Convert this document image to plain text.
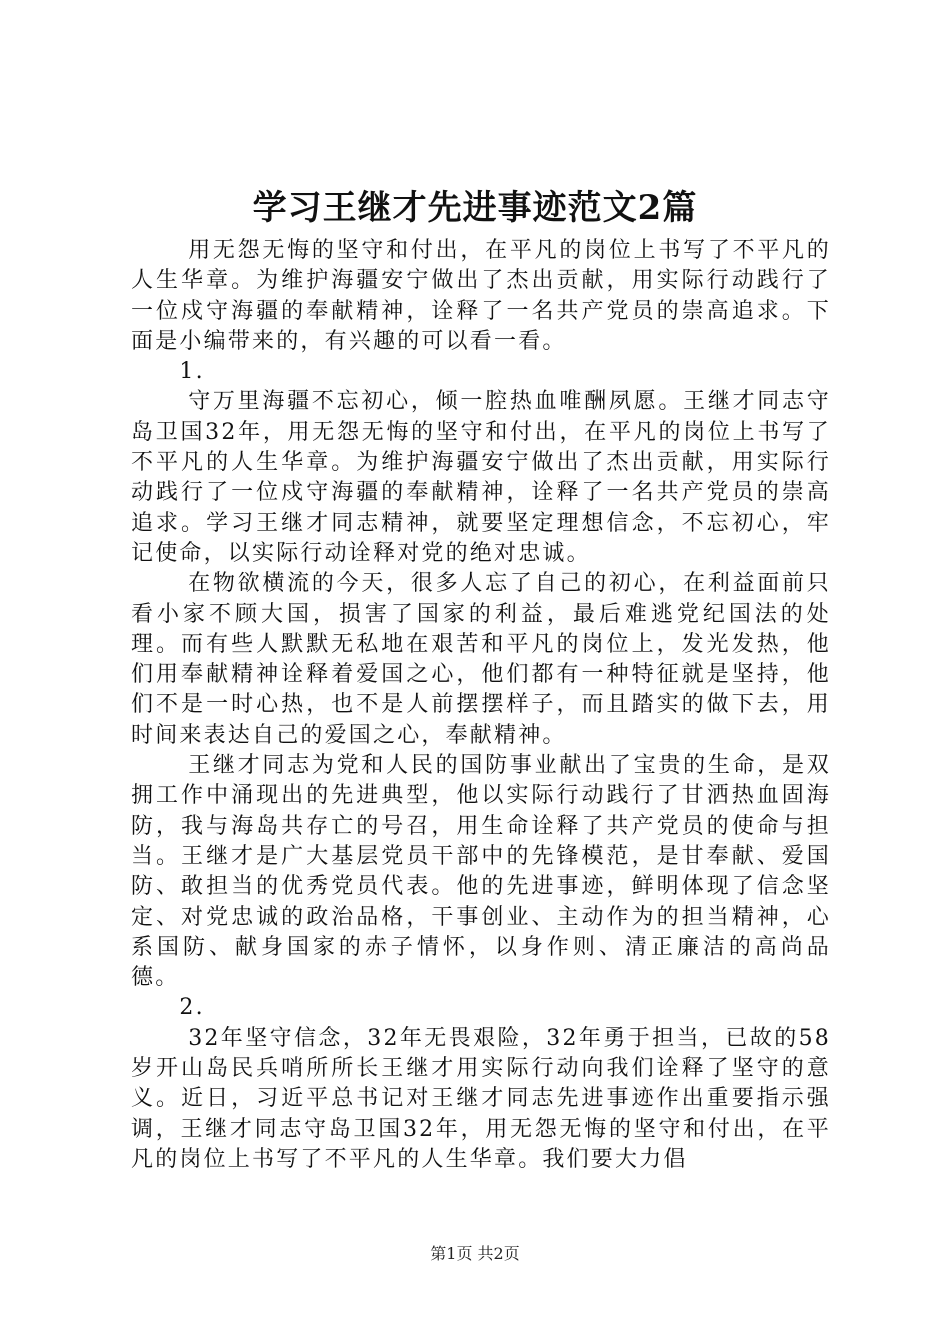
学习王继才先进事迹范文2篇

用无怨无悔的坚守和付出，在平凡的岗位上书写了不平凡的人生华章。为维护海疆安宁做出了杰出贡献，用实际行动践行了一位戍守海疆的奉献精神，诠释了一名共产党员的崇高追求。下面是小编带来的，有兴趣的可以看一看。

1.

守万里海疆不忘初心，倾一腔热血唯酬夙愿。王继才同志守岛卫国32年，用无怨无悔的坚守和付出，在平凡的岗位上书写了不平凡的人生华章。为维护海疆安宁做出了杰出贡献，用实际行动践行了一位戍守海疆的奉献精神，诠释了一名共产党员的崇高追求。学习王继才同志精神，就要坚定理想信念，不忘初心，牢记使命，以实际行动诠释对党的绝对忠诚。

在物欲横流的今天，很多人忘了自己的初心，在利益面前只看小家不顾大国，损害了国家的利益，最后难逃党纪国法的处理。而有些人默默无私地在艰苦和平凡的岗位上，发光发热，他们用奉献精神诠释着爱国之心，他们都有一种特征就是坚持，他们不是一时心热，也不是人前摆摆样子，而且踏实的做下去，用时间来表达自己的爱国之心，奉献精神。

王继才同志为党和人民的国防事业献出了宝贵的生命，是双拥工作中涌现出的先进典型，他以实际行动践行了甘洒热血固海防，我与海岛共存亡的号召，用生命诠释了共产党员的使命与担当。王继才是广大基层党员干部中的先锋模范，是甘奉献、爱国防、敢担当的优秀党员代表。他的先进事迹，鲜明体现了信念坚定、对党忠诚的政治品格，干事创业、主动作为的担当精神，心系国防、献身国家的赤子情怀，以身作则、清正廉洁的高尚品德。

2.

32年坚守信念，32年无畏艰险，32年勇于担当，已故的58岁开山岛民兵哨所所长王继才用实际行动向我们诠释了坚守的意义。近日，习近平总书记对王继才同志先进事迹作出重要指示强调，王继才同志守岛卫国32年，用无怨无悔的坚守和付出，在平凡的岗位上书写了不平凡的人生华章。我们要大力倡

第1页 共2页
